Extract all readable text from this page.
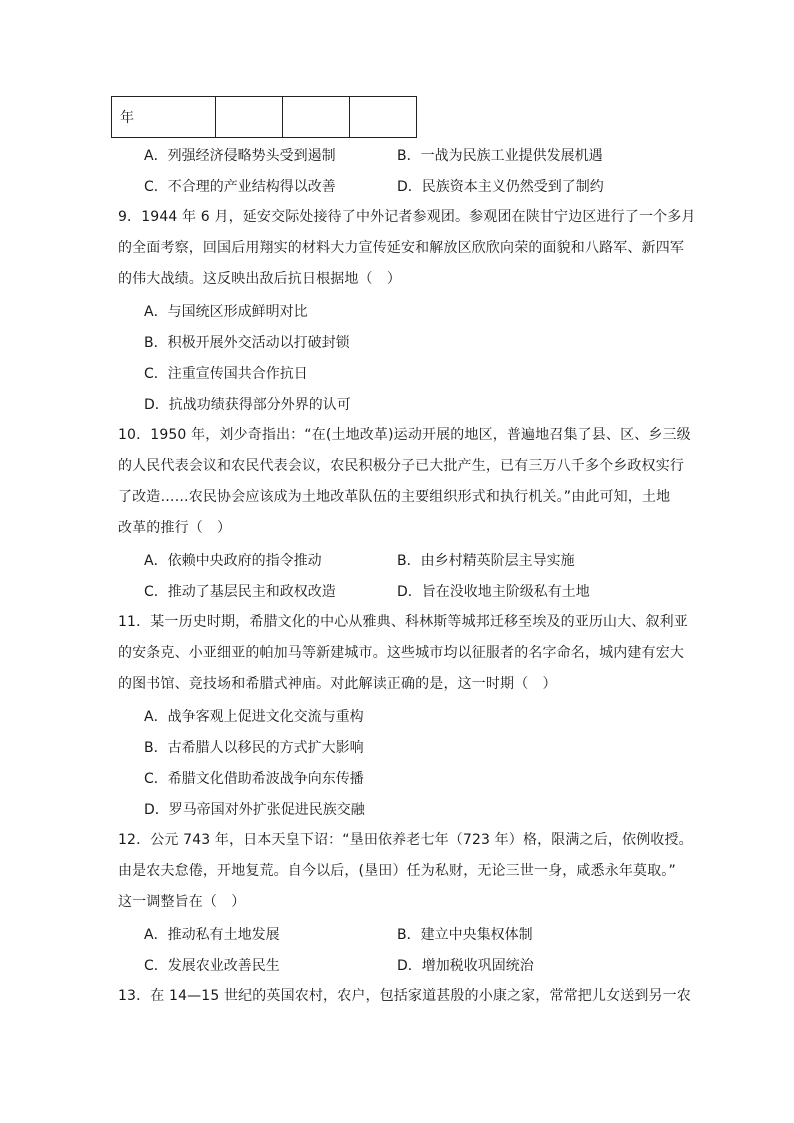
年			
A．列强经济侵略势头受到遏制	B．一战为民族工业提供发展机遇
C．不合理的产业结构得以改善	D．民族资本主义仍然受到了制约
9．1944 年 6 月，延安交际处接待了中外记者参观团。参观团在陕甘宁边区进行了一个多月
的全面考察，回国后用翔实的材料大力宣传延安和解放区欣欣向荣的面貌和八路军、新四军
的伟大战绩。这反映出敌后抗日根据地（　）
A．与国统区形成鲜明对比
B．积极开展外交活动以打破封锁
C．注重宣传国共合作抗日
D．抗战功绩获得部分外界的认可
10．1950 年，刘少奇指出：“在(土地改革)运动开展的地区，普遍地召集了县、区、乡三级
的人民代表会议和农民代表会议，农民积极分子已大批产生，已有三万八千多个乡政权实行
了改造……农民协会应该成为土地改革队伍的主要组织形式和执行机关。”由此可知，土地
改革的推行（　）
A．依赖中央政府的指令推动	B．由乡村精英阶层主导实施
C．推动了基层民主和政权改造	D．旨在没收地主阶级私有土地
11．某一历史时期，希腊文化的中心从雅典、科林斯等城邦迁移至埃及的亚历山大、叙利亚
的安条克、小亚细亚的帕加马等新建城市。这些城市均以征服者的名字命名，城内建有宏大
的图书馆、竞技场和希腊式神庙。对此解读正确的是，这一时期（　）
A．战争客观上促进文化交流与重构
B．古希腊人以移民的方式扩大影响
C．希腊文化借助希波战争向东传播
D．罗马帝国对外扩张促进民族交融
12．公元 743 年，日本天皇下诏：“垦田依养老七年（723 年）格，限满之后，依例收授。
由是农夫怠倦，开地复荒。自今以后，(垦田）任为私财，无论三世一身，咸悉永年莫取。”
这一调整旨在（　）
A．推动私有土地发展	B．建立中央集权体制
C．发展农业改善民生	D．增加税收巩固统治
13．在 14—15 世纪的英国农村，农户，包括家道甚殷的小康之家，常常把儿女送到另一农
